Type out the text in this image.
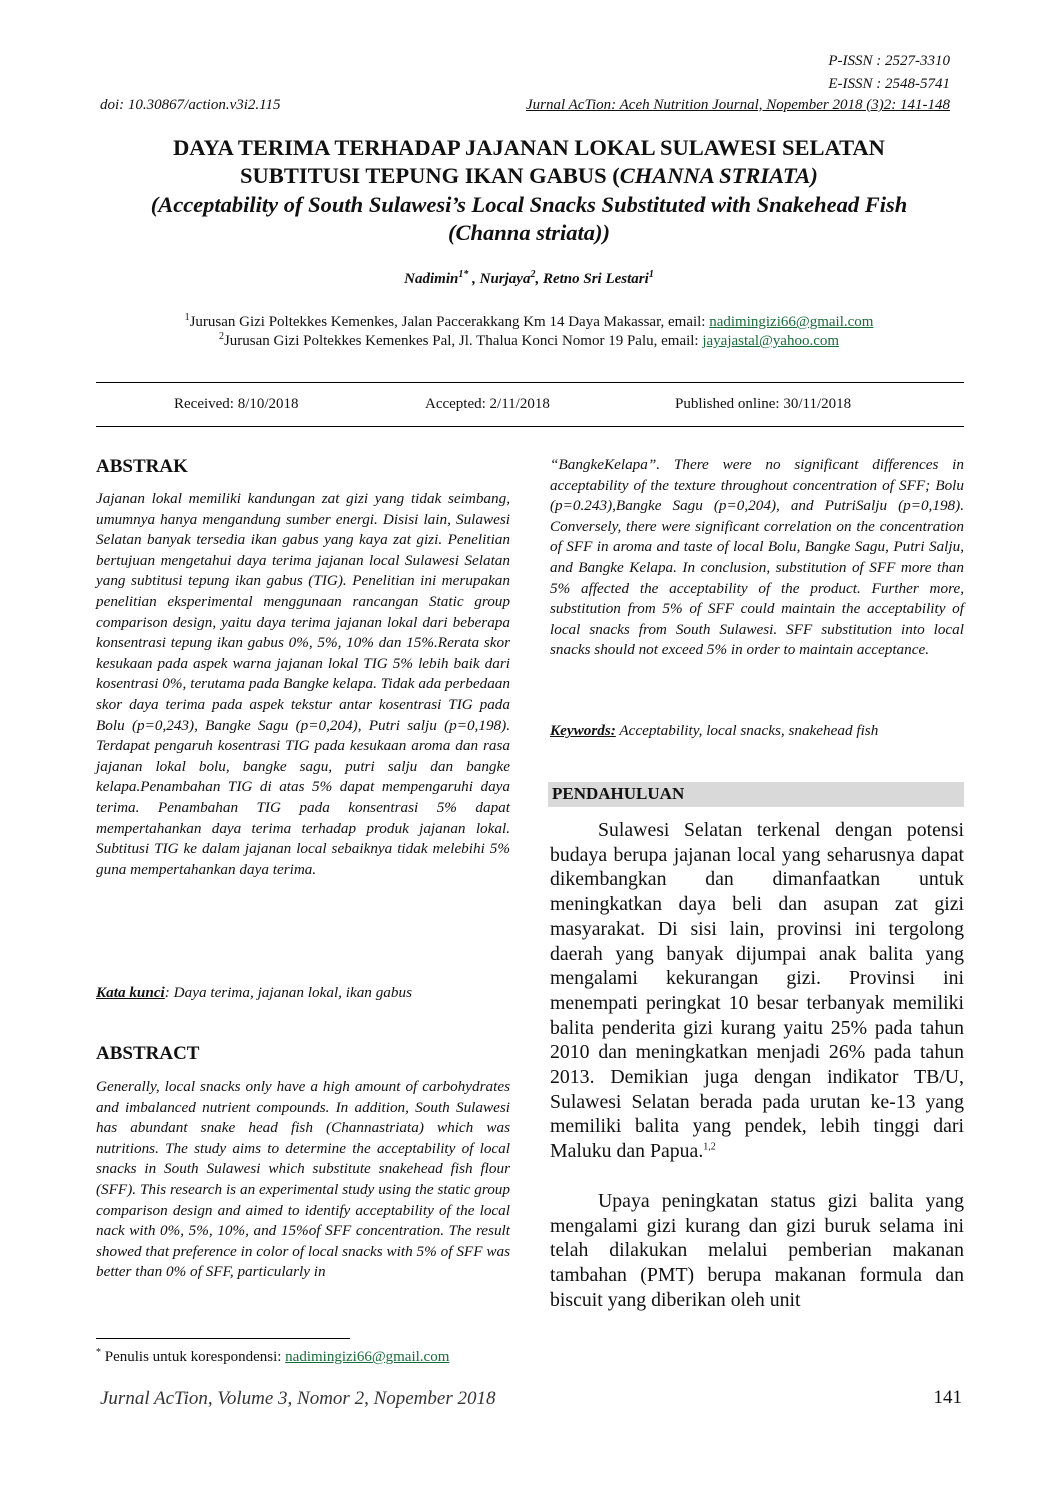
P-ISSN : 2527-3310
E-ISSN : 2548-5741
doi: 10.30867/action.v3i2.115	Jurnal AcTion: Aceh Nutrition Journal, Nopember 2018 (3)2: 141-148
DAYA TERIMA TERHADAP JAJANAN LOKAL SULAWESI SELATAN
SUBTITUSI TEPUNG IKAN GABUS (CHANNA STRIATA)
(Acceptability of South Sulawesi’s Local Snacks Substituted with Snakehead Fish
(Channa striata))
Nadimin$^{1*}$ , Nurjaya$^2$, Retno Sri Lestari$^1$
$^1$Jurusan Gizi Poltekkes Kemenkes, Jalan Paccerakkang Km 14 Daya Makassar, email: nadimingizi66@gmail.com
$^2$Jurusan Gizi Poltekkes Kemenkes Pal, Jl. Thalua Konci Nomor 19 Palu, email: jayajastal@yahoo.com
Received: 8/10/2018	Accepted: 2/11/2018	Published online: 30/11/2018
ABSTRAK

Jajanan lokal memiliki kandungan zat gizi yang tidak seimbang, umumnya hanya mengandung sumber energi. Disisi lain, Sulawesi Selatan banyak tersedia ikan gabus yang kaya zat gizi. Penelitian bertujuan mengetahui daya terima jajanan local Sulawesi Selatan yang subtitusi tepung ikan gabus (TIG). Penelitian ini merupakan penelitian eksperimental menggunaan rancangan Static group comparison design, yaitu daya terima jajanan lokal dari beberapa konsentrasi tepung ikan gabus 0%, 5%, 10% dan 15%.Rerata skor kesukaan pada aspek warna jajanan lokal TIG 5% lebih baik dari kosentrasi 0%, terutama pada Bangke kelapa. Tidak ada perbedaan skor daya terima pada aspek tekstur antar kosentrasi TIG pada Bolu (p=0,243), Bangke Sagu (p=0,204), Putri salju (p=0,198). Terdapat pengaruh kosentrasi TIG pada kesukaan aroma dan rasa jajanan lokal bolu, bangke sagu, putri salju dan bangke kelapa.Penambahan TIG di atas 5% dapat mempengaruhi daya terima. Penambahan TIG pada konsentrasi 5% dapat mempertahankan daya terima terhadap produk jajanan lokal. Subtitusi TIG ke dalam jajanan local sebaiknya tidak melebihi 5% guna mempertahankan daya terima.

Kata kunci: Daya terima, jajanan lokal, ikan gabus
ABSTRACT

Generally, local snacks only have a high amount of carbohydrates and imbalanced nutrient compounds. In addition, South Sulawesi has abundant snake head fish (Channastriata) which was nutritions. The study aims to determine the acceptability of local snacks in South Sulawesi which substitute snakehead fish flour (SFF). This research is an experimental study using the static group comparison design and aimed to identify acceptability of the local nack with 0%, 5%, 10%, and 15%of SFF concentration. The result showed that preference in color of local snacks with 5% of SFF was better than 0% of SFF, particularly in

“BangkeKelapa”. There were no significant differences in acceptability of the texture throughout concentration of SFF; Bolu (p=0.243),Bangke Sagu (p=0,204), and PutriSalju (p=0,198). Conversely, there were significant correlation on the concentration of SFF in aroma and taste of local Bolu, Bangke Sagu, Putri Salju, and Bangke Kelapa. In conclusion, substitution of SFF more than 5% affected the acceptability of the product. Further more, substitution from 5% of SFF could maintain the acceptability of local snacks from South Sulawesi. SFF substitution into local snacks should not exceed 5% in order to maintain acceptance.

Keywords: Acceptability, local snacks, snakehead fish
PENDAHULUAN

Sulawesi Selatan terkenal dengan potensi budaya berupa jajanan local yang seharusnya dapat dikembangkan dan dimanfaatkan untuk meningkatkan daya beli dan asupan zat gizi masyarakat. Di sisi lain, provinsi ini tergolong daerah yang banyak dijumpai anak balita yang mengalami kekurangan gizi. Provinsi ini menempati peringkat 10 besar terbanyak memiliki balita penderita gizi kurang yaitu 25% pada tahun 2010 dan meningkatkan menjadi 26% pada tahun 2013. Demikian juga dengan indikator TB/U, Sulawesi Selatan berada pada urutan ke-13 yang memiliki balita yang pendek, lebih tinggi dari Maluku dan Papua.$^{1,2}$

Upaya peningkatan status gizi balita yang mengalami gizi kurang dan gizi buruk selama ini telah dilakukan melalui pemberian makanan tambahan (PMT) berupa makanan formula dan biscuit yang diberikan oleh unit

* Penulis untuk korespondensi: nadimingizi66@gmail.com
Jurnal AcTion, Volume 3, Nomor 2, Nopember 2018	141
